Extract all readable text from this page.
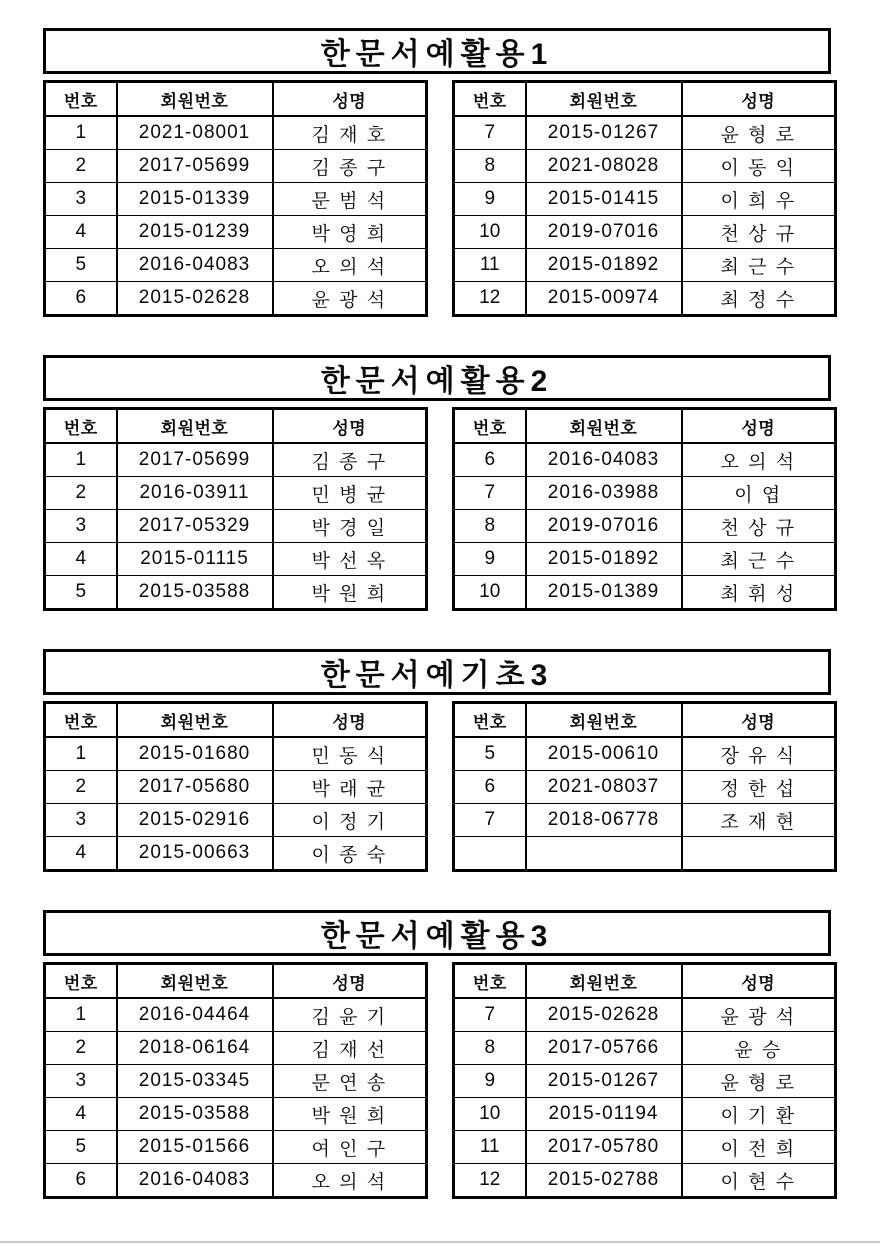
한문서예활용1
번호	회원번호	성명
1	2021-08001	김 재 호
2	2017-05699	김 종 구
3	2015-01339	문 범 석
4	2015-01239	박 영 희
5	2016-04083	오 의 석
6	2015-02628	윤 광 석
번호	회원번호	성명
7	2015-01267	윤 형 로
8	2021-08028	이 동 익
9	2015-01415	이 희 우
10	2019-07016	천 상 규
11	2015-01892	최 근 수
12	2015-00974	최 정 수
한문서예활용2
번호	회원번호	성명
1	2017-05699	김 종 구
2	2016-03911	민 병 균
3	2017-05329	박 경 일
4	2015-01115	박 선 옥
5	2015-03588	박 원 희
번호	회원번호	성명
6	2016-04083	오 의 석
7	2016-03988	이 엽
8	2019-07016	천 상 규
9	2015-01892	최 근 수
10	2015-01389	최 휘 성
한문서예기초3
번호	회원번호	성명
1	2015-01680	민 동 식
2	2017-05680	박 래 균
3	2015-02916	이 정 기
4	2015-00663	이 종 숙
번호	회원번호	성명
5	2015-00610	장 유 식
6	2021-08037	정 한 섭
7	2018-06778	조 재 현

한문서예활용3
번호	회원번호	성명
1	2016-04464	김 윤 기
2	2018-06164	김 재 선
3	2015-03345	문 연 송
4	2015-03588	박 원 희
5	2015-01566	여 인 구
6	2016-04083	오 의 석
번호	회원번호	성명
7	2015-02628	윤 광 석
8	2017-05766	윤 승
9	2015-01267	윤 형 로
10	2015-01194	이 기 환
11	2017-05780	이 전 희
12	2015-02788	이 현 수
